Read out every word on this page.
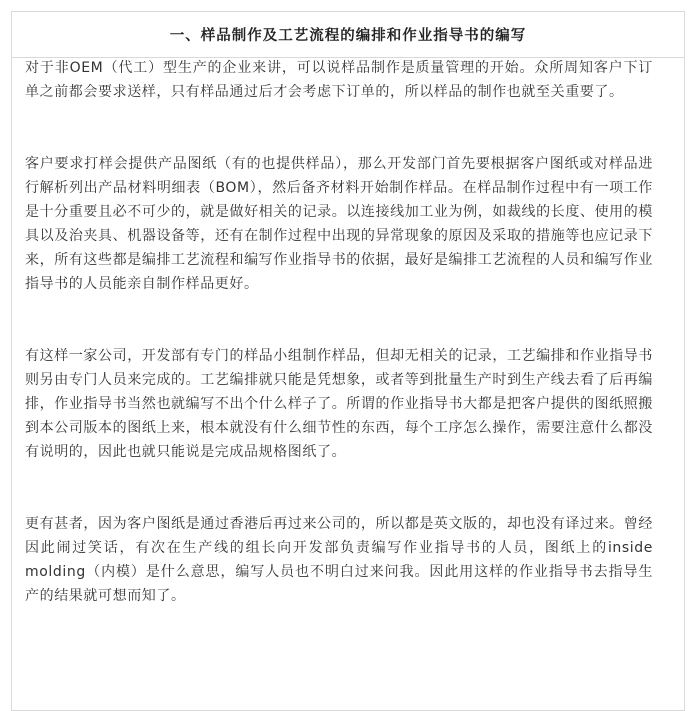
一、样品制作及工艺流程的编排和作业指导书的编写

对于非OEM（代工）型生产的企业来讲，可以说样品制作是质量管理的开始。众所周知客户下订单之前都会要求送样，只有样品通过后才会考虑下订单的，所以样品的制作也就至关重要了。

客户要求打样会提供产品图纸（有的也提供样品），那么开发部门首先要根据客户图纸或对样品进行解析列出产品材料明细表（BOM），然后备齐材料开始制作样品。在样品制作过程中有一项工作是十分重要且必不可少的，就是做好相关的记录。以连接线加工业为例，如裁线的长度、使用的模具以及治夹具、机器设备等，还有在制作过程中出现的异常现象的原因及采取的措施等也应记录下来，所有这些都是编排工艺流程和编写作业指导书的依据，最好是编排工艺流程的人员和编写作业指导书的人员能亲自制作样品更好。

有这样一家公司，开发部有专门的样品小组制作样品，但却无相关的记录，工艺编排和作业指导书则另由专门人员来完成的。工艺编排就只能是凭想象，或者等到批量生产时到生产线去看了后再编排，作业指导书当然也就编写不出个什么样子了。所谓的作业指导书大都是把客户提供的图纸照搬到本公司版本的图纸上来，根本就没有什么细节性的东西，每个工序怎么操作，需要注意什么都没有说明的，因此也就只能说是完成品规格图纸了。

更有甚者，因为客户图纸是通过香港后再过来公司的，所以都是英文版的，却也没有译过来。曾经因此闹过笑话，有次在生产线的组长向开发部负责编写作业指导书的人员，图纸上的inside molding（内模）是什么意思，编写人员也不明白过来问我。因此用这样的作业指导书去指导生产的结果就可想而知了。
